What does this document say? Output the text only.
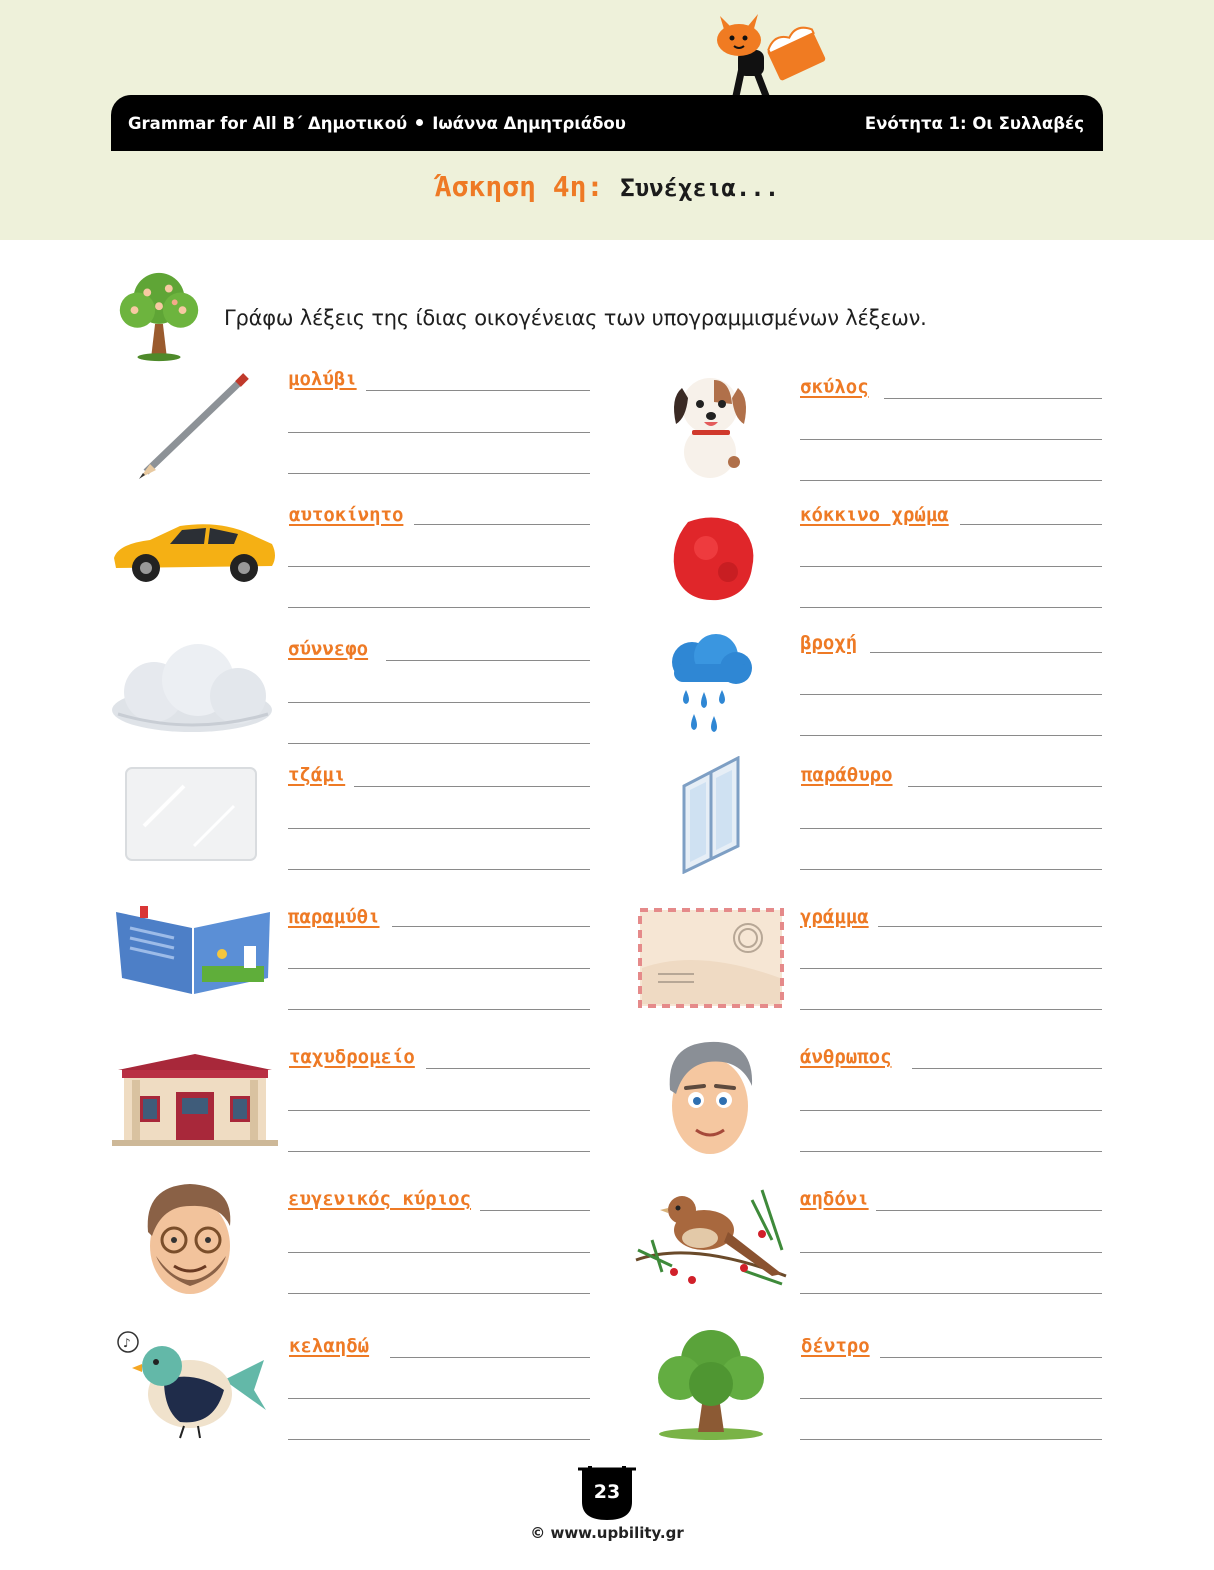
Grammar for All Β΄ Δημοτικού Ιωάννα Δημητριάδου	Ενότητα 1: Οι Συλλαβές
Άσκηση 4η: Συνέχεια...
Γράφω λέξεις της ίδιας οικογένειας των υπογραμμισμένων λέξεων.
μολύβι
αυτοκίνητο
σύννεφο
τζάμι
παραμύθι
ταχυδρομείο
ευγενικός κύριος
♪	κελαηδώ
σκύλος
κόκκινο χρώμα
βροχή
παράθυρο
γράμμα
άνθρωπος
αηδόνι
δέντρο
23
© www.upbility.gr
